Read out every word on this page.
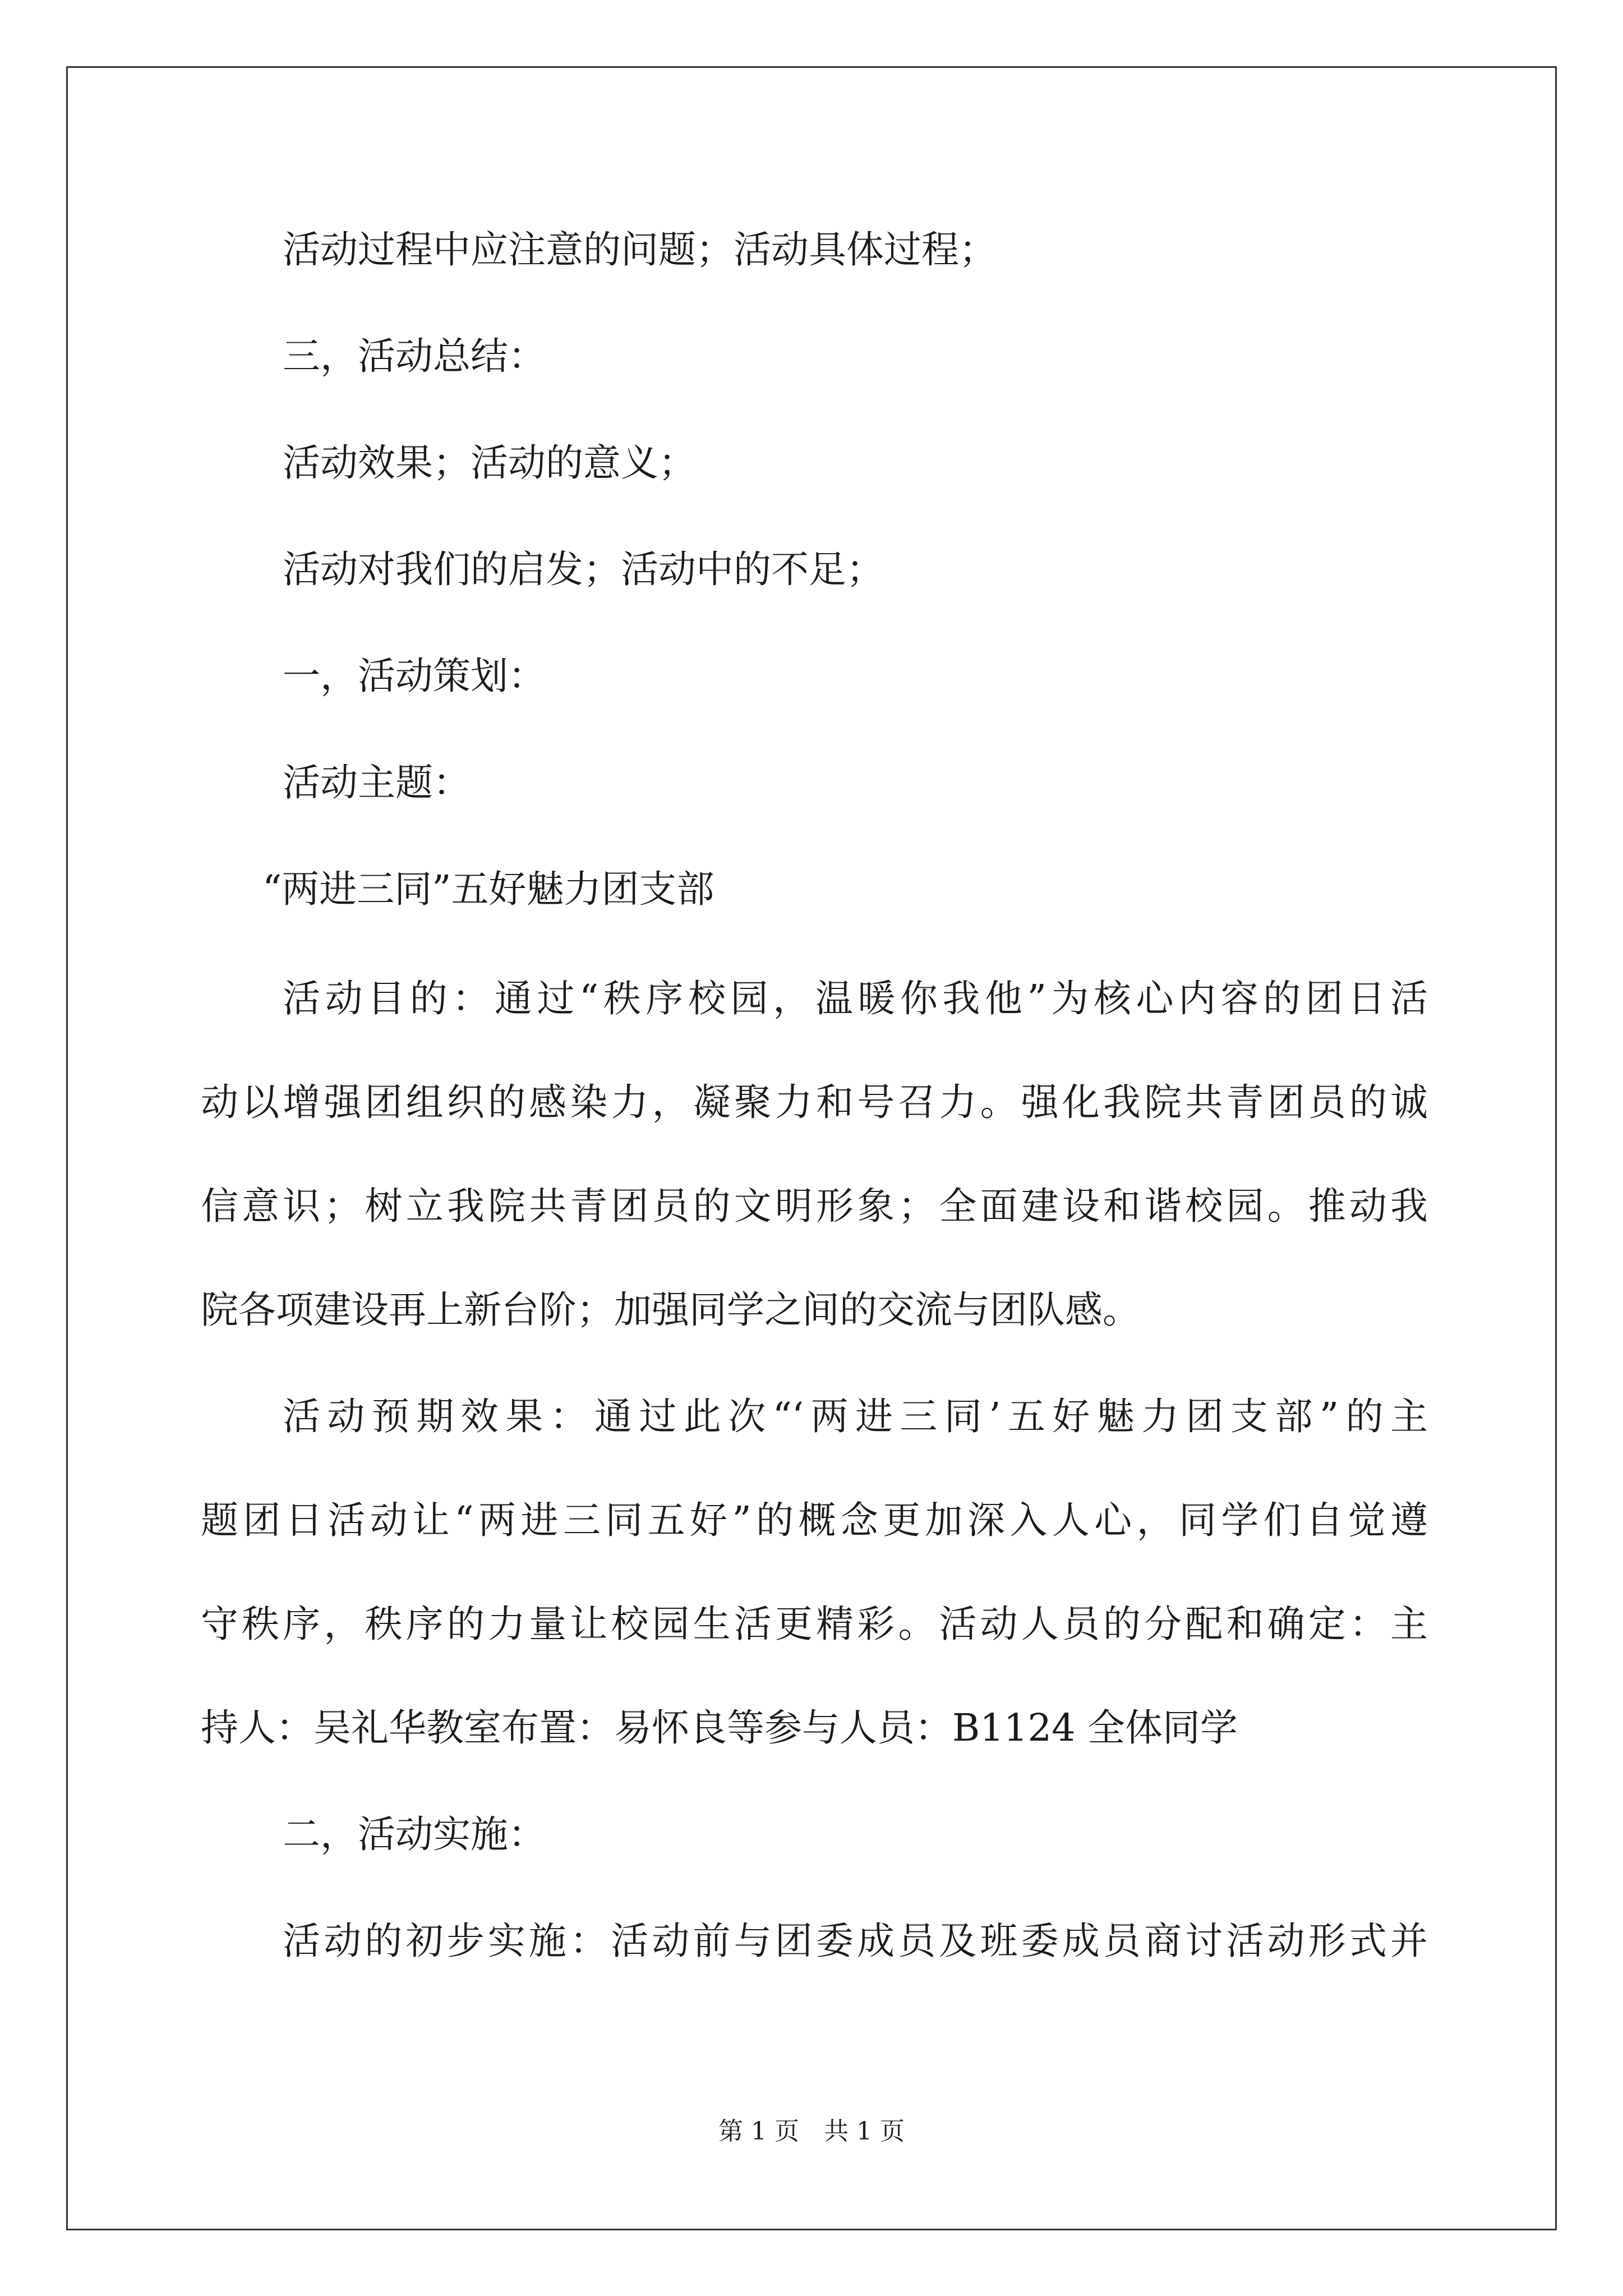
活动过程中应注意的问题；活动具体过程；
三，活动总结：
活动效果；活动的意义；
活动对我们的启发；活动中的不足；
一，活动策划：
活动主题：
“两进三同”五好魅力团支部
活动目的：通过“秩序校园，温暖你我他”为核心内容的团日活
动以增强团组织的感染力，凝聚力和号召力。强化我院共青团员的诚
信意识；树立我院共青团员的文明形象；全面建设和谐校园。推动我
院各项建设再上新台阶；加强同学之间的交流与团队感。
活动预期效果：通过此次“‘两进三同’五好魅力团支部”的主
题团日活动让“两进三同五好”的概念更加深入人心，同学们自觉遵
守秩序，秩序的力量让校园生活更精彩。活动人员的分配和确定：主
持人：吴礼华教室布置：易怀良等参与人员：B1124 全体同学
二，活动实施：
活动的初步实施：活动前与团委成员及班委成员商讨活动形式并
第 1 页　共 1 页
